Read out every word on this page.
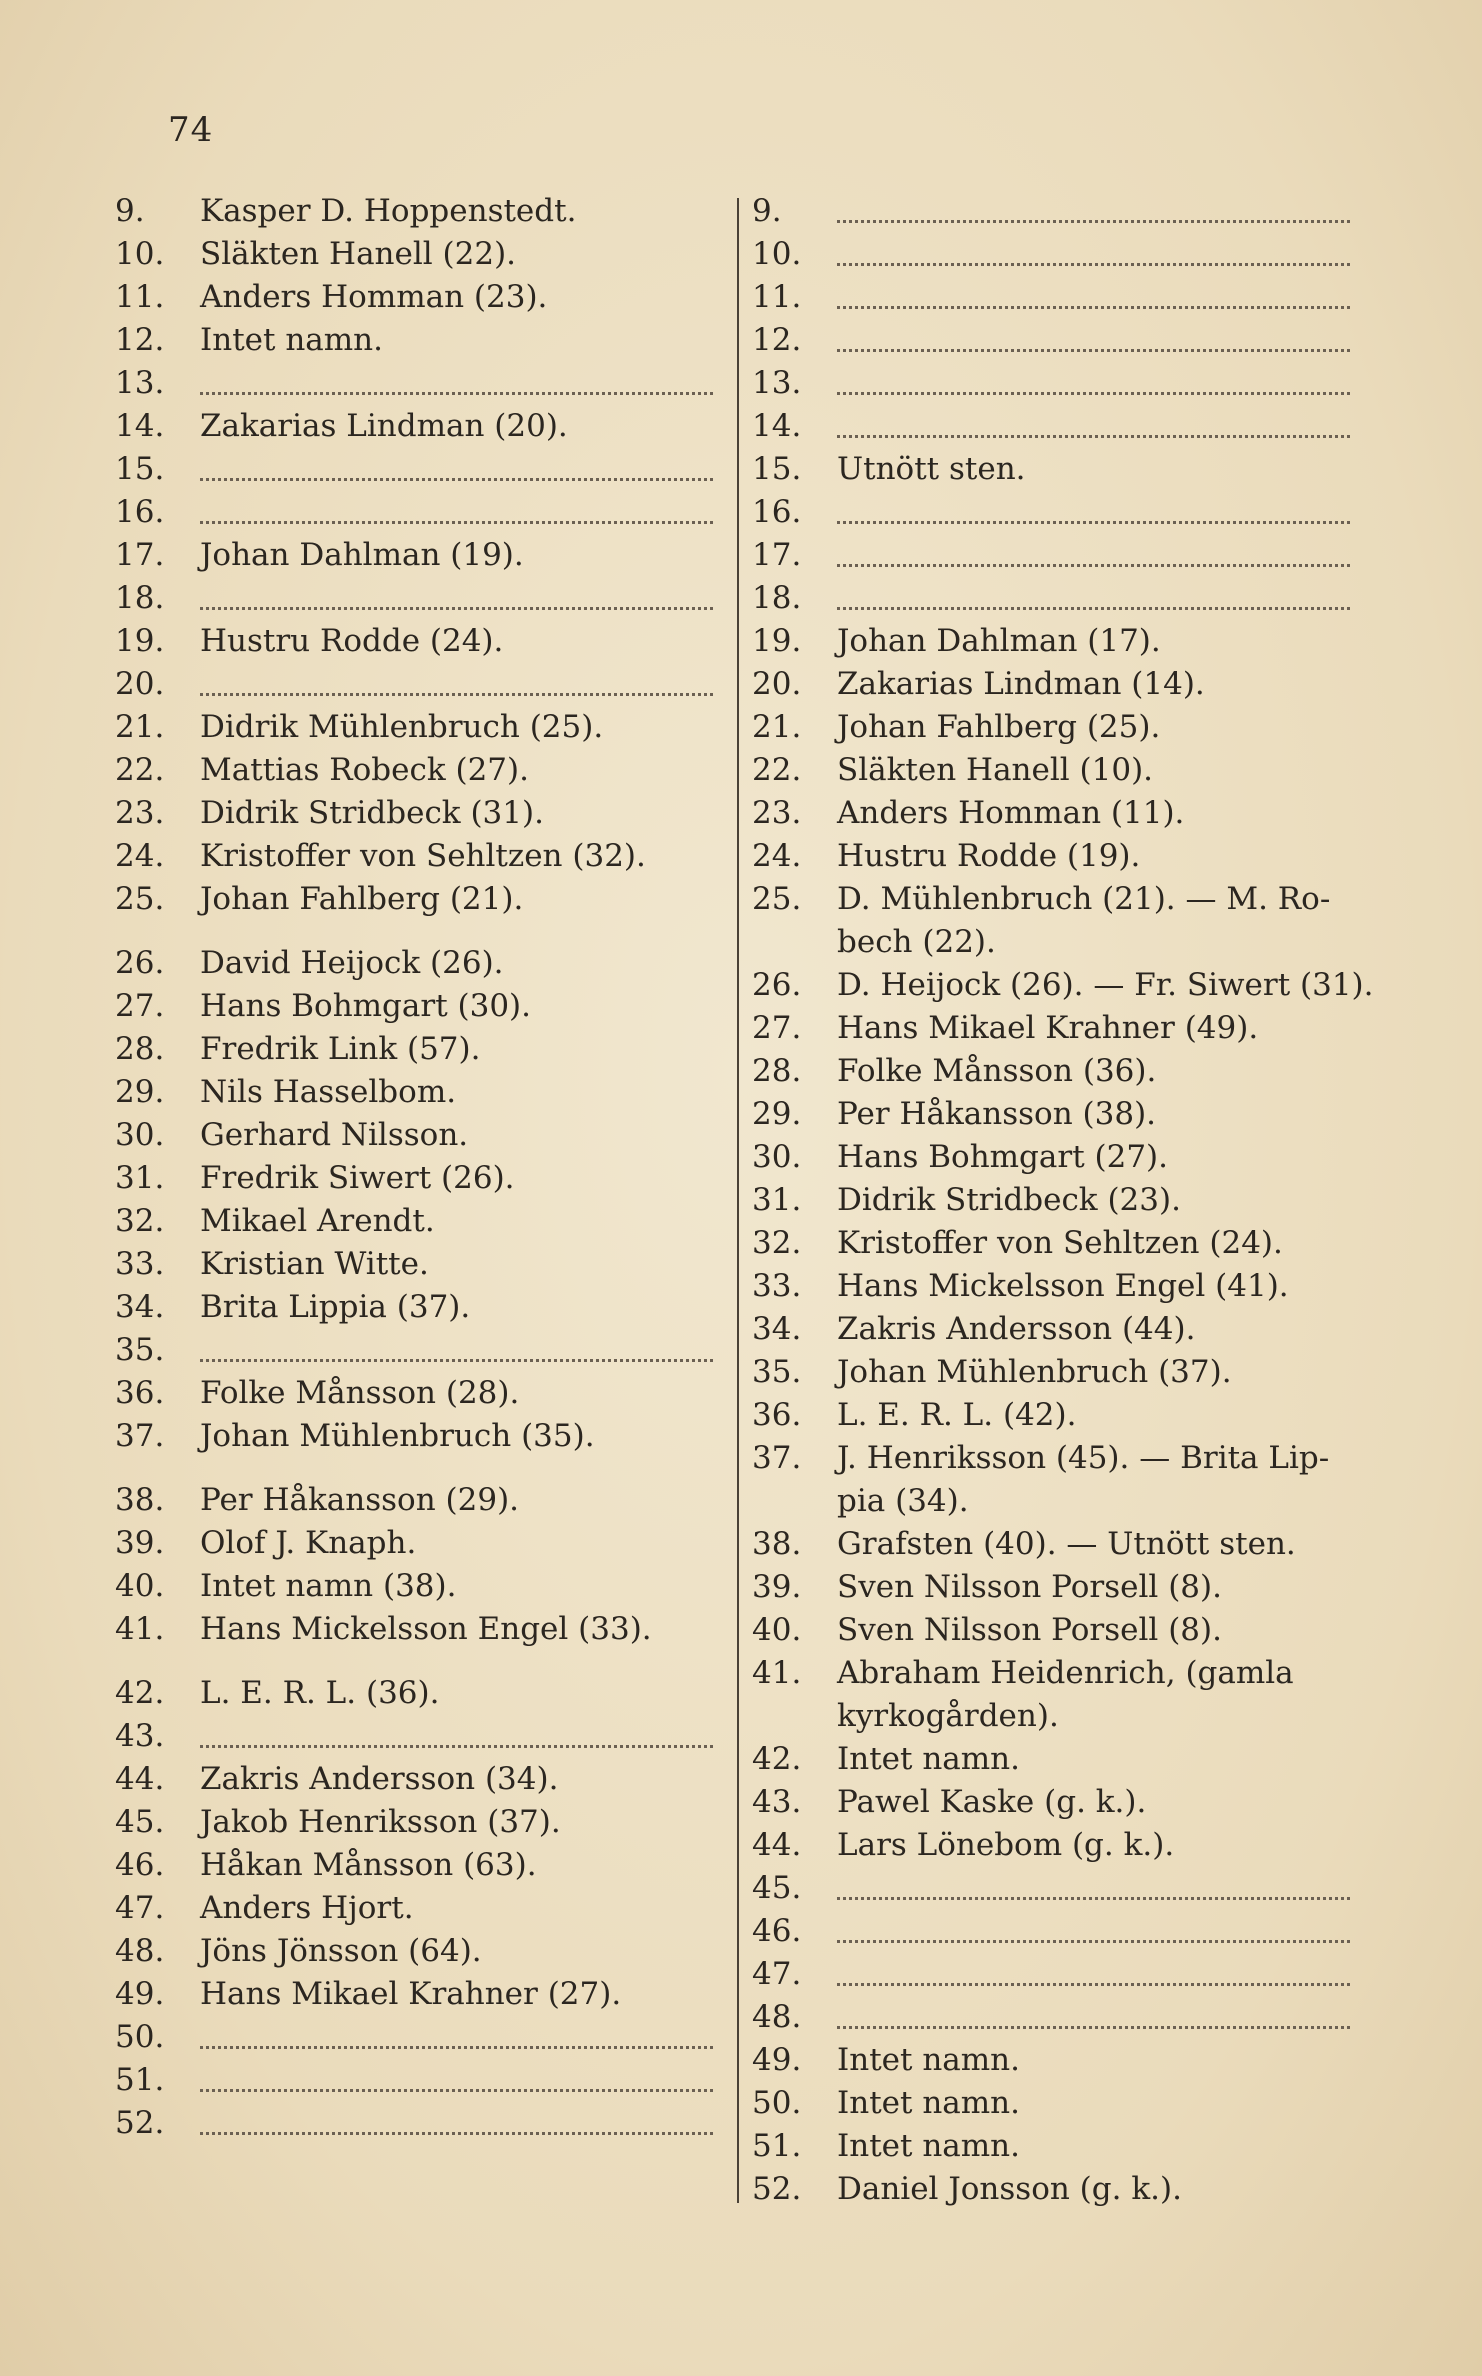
74
9.	Kasper D. Hoppenstedt.
10.	Släkten Hanell (22).
11.	Anders Homman (23).
12.	Intet namn.
13.
14.	Zakarias Lindman (20).
15.
16.
17.	Johan Dahlman (19).
18.
19.	Hustru Rodde (24).
20.
21.	Didrik Mühlenbruch (25).
22.	Mattias Robeck (27).
23.	Didrik Stridbeck (31).
24.	Kristoffer von Sehltzen (32).
25.	Johan Fahlberg (21).
26.	David Heijock (26).
27.	Hans Bohmgart (30).
28.	Fredrik Link (57).
29.	Nils Hasselbom.
30.	Gerhard Nilsson.
31.	Fredrik Siwert (26).
32.	Mikael Arendt.
33.	Kristian Witte.
34.	Brita Lippia (37).
35.
36.	Folke Månsson (28).
37.	Johan Mühlenbruch (35).
38.	Per Håkansson (29).
39.	Olof J. Knaph.
40.	Intet namn (38).
41.	Hans Mickelsson Engel (33).
42.	L. E. R. L. (36).
43.
44.	Zakris Andersson (34).
45.	Jakob Henriksson (37).
46.	Håkan Månsson (63).
47.	Anders Hjort.
48.	Jöns Jönsson (64).
49.	Hans Mikael Krahner (27).
50.
51.
52.
9.
10.
11.
12.
13.
14.
15.	Utnött sten.
16.
17.
18.
19.	Johan Dahlman (17).
20.	Zakarias Lindman (14).
21.	Johan Fahlberg (25).
22.	Släkten Hanell (10).
23.	Anders Homman (11).
24.	Hustru Rodde (19).
25.	D. Mühlenbruch (21). — M. Ro-
bech (22).
26.	D. Heijock (26). — Fr. Siwert (31).
27.	Hans Mikael Krahner (49).
28.	Folke Månsson (36).
29.	Per Håkansson (38).
30.	Hans Bohmgart (27).
31.	Didrik Stridbeck (23).
32.	Kristoffer von Sehltzen (24).
33.	Hans Mickelsson Engel (41).
34.	Zakris Andersson (44).
35.	Johan Mühlenbruch (37).
36.	L. E. R. L. (42).
37.	J. Henriksson (45). — Brita Lip-
pia (34).
38.	Grafsten (40). — Utnött sten.
39.	Sven Nilsson Porsell (8).
40.	Sven Nilsson Porsell (8).
41.	Abraham Heidenrich, (gamla
kyrkogården).
42.	Intet namn.
43.	Pawel Kaske (g. k.).
44.	Lars Lönebom (g. k.).
45.
46.
47.
48.
49.	Intet namn.
50.	Intet namn.
51.	Intet namn.
52.	Daniel Jonsson (g. k.).
